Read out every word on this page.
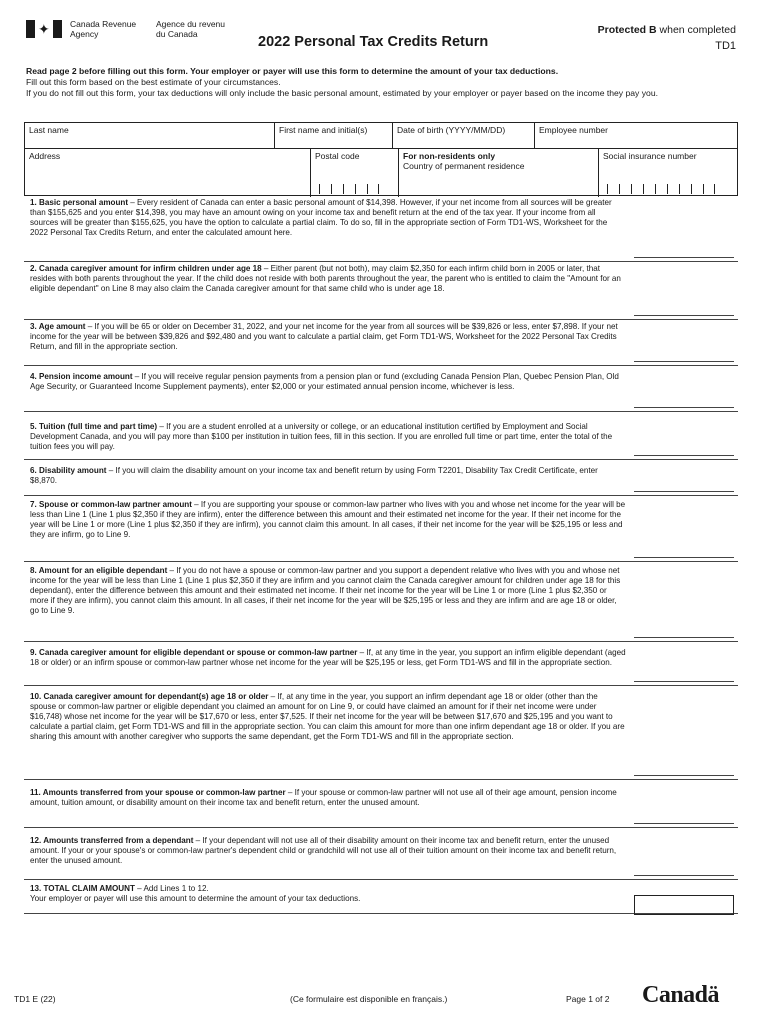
✦ Canada Revenue
Agency
Agence du revenu
du Canada	2022 Personal Tax Credits Return
Protected B when completed
TD1
Read page 2 before filling out this form. Your employer or payer will use this form to determine the amount of your tax deductions.
Fill out this form based on the best estimate of your circumstances.
If you do not fill out this form, your tax deductions will only include the basic personal amount, estimated by your employer or payer based on the income they pay you.
Last name	First name and initial(s)	Date of birth (YYYY/MM/DD)	Employee number
Address	Postal code	For non-residents only
Country of permanent residence
Social insurance number
1. Basic personal amount – Every resident of Canada can enter a basic personal amount of $14,398. However, if your net income from all sources will be greater than $155,625 and you enter $14,398, you may have an amount owing on your income tax and benefit return at the end of the tax year. If your income from all sources will be greater than $155,625, you have the option to calculate a partial claim. To do so, fill in the appropriate section of Form TD1-WS, Worksheet for the 2022 Personal Tax Credits Return, and enter the calculated amount here.
2. Canada caregiver amount for infirm children under age 18 – Either parent (but not both), may claim $2,350 for each infirm child born in 2005 or later, that resides with both parents throughout the year. If the child does not reside with both parents throughout the year, the parent who is entitled to claim the "Amount for an eligible dependant" on Line 8 may also claim the Canada caregiver amount for that same child who is under age 18.
3. Age amount – If you will be 65 or older on December 31, 2022, and your net income for the year from all sources will be $39,826 or less, enter $7,898. If your net income for the year will be between $39,826 and $92,480 and you want to calculate a partial claim, get Form TD1-WS, Worksheet for the 2022 Personal Tax Credits Return, and fill in the appropriate section.
4. Pension income amount – If you will receive regular pension payments from a pension plan or fund (excluding Canada Pension Plan, Quebec Pension Plan, Old Age Security, or Guaranteed Income Supplement payments), enter $2,000 or your estimated annual pension income, whichever is less.
5. Tuition (full time and part time) – If you are a student enrolled at a university or college, or an educational institution certified by Employment and Social Development Canada, and you will pay more than $100 per institution in tuition fees, fill in this section. If you are enrolled full time or part time, enter the total of the tuition fees you will pay.
6. Disability amount – If you will claim the disability amount on your income tax and benefit return by using Form T2201, Disability Tax Credit Certificate, enter $8,870.
7. Spouse or common-law partner amount – If you are supporting your spouse or common-law partner who lives with you and whose net income for the year will be less than Line 1 (Line 1 plus $2,350 if they are infirm), enter the difference between this amount and their estimated net income for the year. If their net income for the year will be Line 1 or more (Line 1 plus $2,350 if they are infirm), you cannot claim this amount. In all cases, if their net income for the year will be $25,195 or less and they are infirm, go to Line 9.
8. Amount for an eligible dependant – If you do not have a spouse or common-law partner and you support a dependent relative who lives with you and whose net income for the year will be less than Line 1 (Line 1 plus $2,350 if they are infirm and you cannot claim the Canada caregiver amount for children under age 18 for this dependant), enter the difference between this amount and their estimated net income. If their net income for the year will be Line 1 or more (Line 1 plus $2,350 or more if they are infirm), you cannot claim this amount. In all cases, if their net income for the year will be $25,195 or less and they are infirm and are age 18 or older, go to Line 9.
9. Canada caregiver amount for eligible dependant or spouse or common-law partner – If, at any time in the year, you support an infirm eligible dependant (aged 18 or older) or an infirm spouse or common-law partner whose net income for the year will be $25,195 or less, get Form TD1-WS and fill in the appropriate section.
10. Canada caregiver amount for dependant(s) age 18 or older – If, at any time in the year, you support an infirm dependant age 18 or older (other than the spouse or common-law partner or eligible dependant you claimed an amount for on Line 9, or could have claimed an amount for if their net income were under $16,748) whose net income for the year will be $17,670 or less, enter $7,525. If their net income for the year will be between $17,670 and $25,195 and you want to calculate a partial claim, get Form TD1-WS and fill in the appropriate section. You can claim this amount for more than one infirm dependant age 18 or older. If you are sharing this amount with another caregiver who supports the same dependant, get the Form TD1-WS and fill in the appropriate section.
11. Amounts transferred from your spouse or common-law partner – If your spouse or common-law partner will not use all of their age amount, pension income amount, tuition amount, or disability amount on their income tax and benefit return, enter the unused amount.
12. Amounts transferred from a dependant – If your dependant will not use all of their disability amount on their income tax and benefit return, enter the unused amount. If your or your spouse's or common-law partner's dependent child or grandchild will not use all of their tuition amount on their income tax and benefit return, enter the unused amount.
13. TOTAL CLAIM AMOUNT – Add Lines 1 to 12.
Your employer or payer will use this amount to determine the amount of your tax deductions.
TD1 E (22)	(Ce formulaire est disponible en français.)	Page 1 of 2 Canadä
